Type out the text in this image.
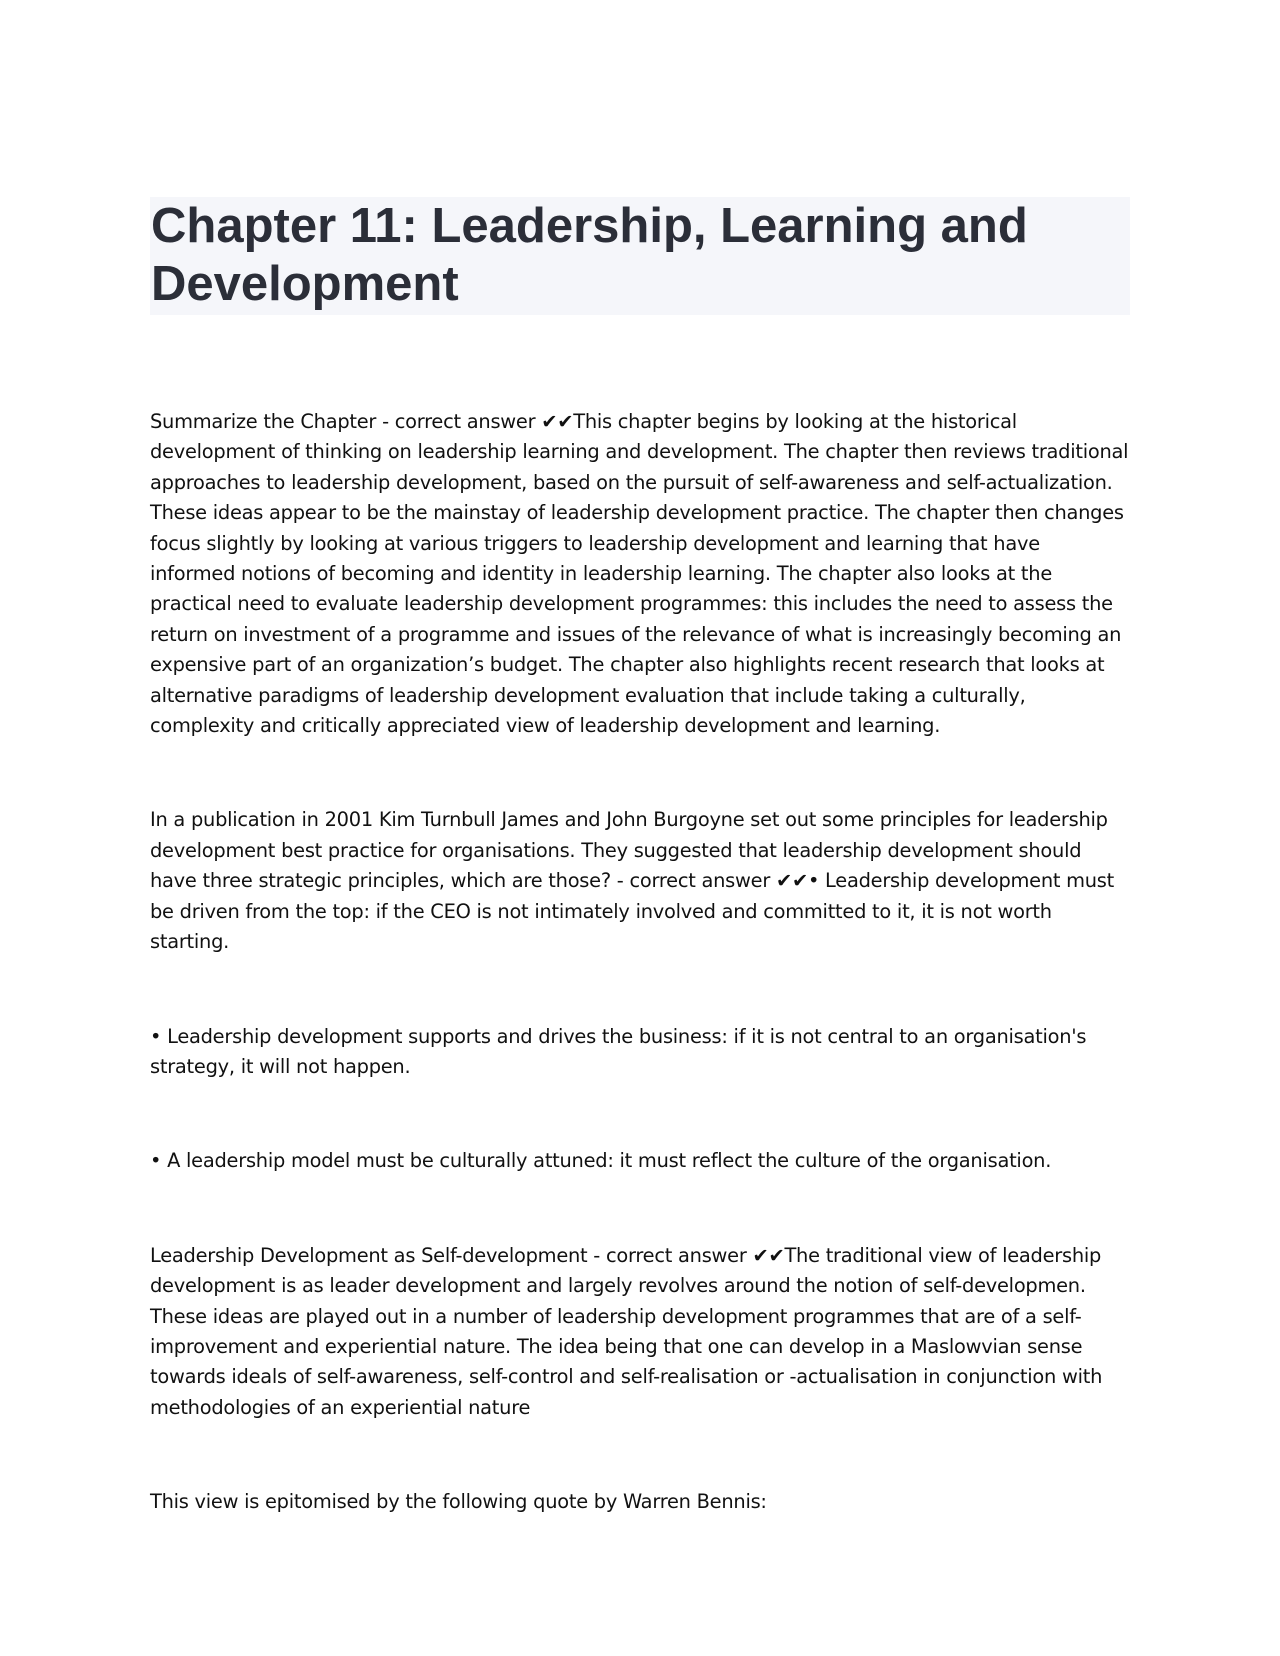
Chapter 11: Leadership, Learning and Development

Summarize the Chapter - correct answer ✔✔This chapter begins by looking at the historical development of thinking on leadership learning and development. The chapter then reviews traditional approaches to leadership development, based on the pursuit of self-awareness and self-actualization. These ideas appear to be the mainstay of leadership development practice. The chapter then changes focus slightly by looking at various triggers to leadership development and learning that have informed notions of becoming and identity in leadership learning. The chapter also looks at the practical need to evaluate leadership development programmes: this includes the need to assess the return on investment of a programme and issues of the relevance of what is increasingly becoming an expensive part of an organization’s budget. The chapter also highlights recent research that looks at alternative paradigms of leadership development evaluation that include taking a culturally, complexity and critically appreciated view of leadership development and learning.

In a publication in 2001 Kim Turnbull James and John Burgoyne set out some principles for leadership development best practice for organisations. They suggested that leadership development should have three strategic principles, which are those? - correct answer ✔✔• Leadership development must be driven from the top: if the CEO is not intimately involved and committed to it, it is not worth starting.

• Leadership development supports and drives the business: if it is not central to an organisation's strategy, it will not happen.

• A leadership model must be culturally attuned: it must reflect the culture of the organisation.

Leadership Development as Self-development - correct answer ✔✔The traditional view of leadership development is as leader development and largely revolves around the notion of self-developmen. These ideas are played out in a number of leadership development programmes that are of a self-improvement and experiential nature. The idea being that one can develop in a Maslowvian sense towards ideals of self-awareness, self-control and self-realisation or -actualisation in conjunction with methodologies of an experiential nature

This view is epitomised by the following quote by Warren Bennis:
